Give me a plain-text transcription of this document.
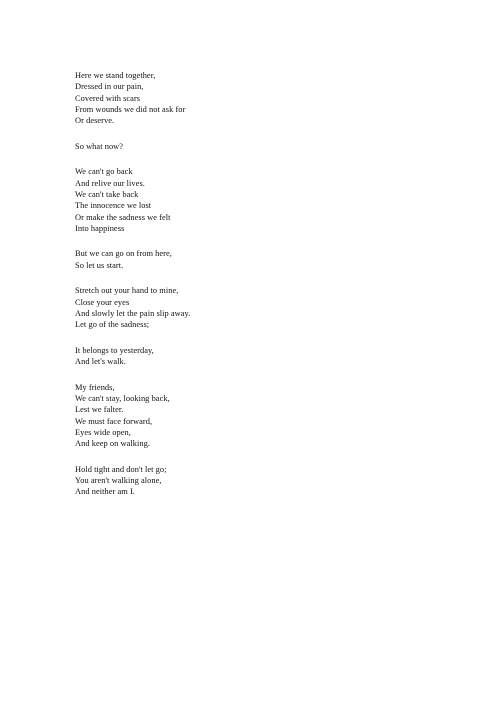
Here we stand together,
Dressed in our pain,
Covered with scars
From wounds we did not ask for
Or deserve.
So what now?
We can't go back
And relive our lives.
We can't take back
The innocence we lost
Or make the sadness we felt
Into happiness
But we can go on from here,
So let us start.
Stretch out your hand to mine,
Close your eyes
And slowly let the pain slip away.
Let go of the sadness;
It belongs to yesterday,
And let's walk.
My friends,
We can't stay, looking back,
Lest we falter.
We must face forward,
Eyes wide open,
And keep on walking.
Hold tight and don't let go;
You aren't walking alone,
And neither am I.
